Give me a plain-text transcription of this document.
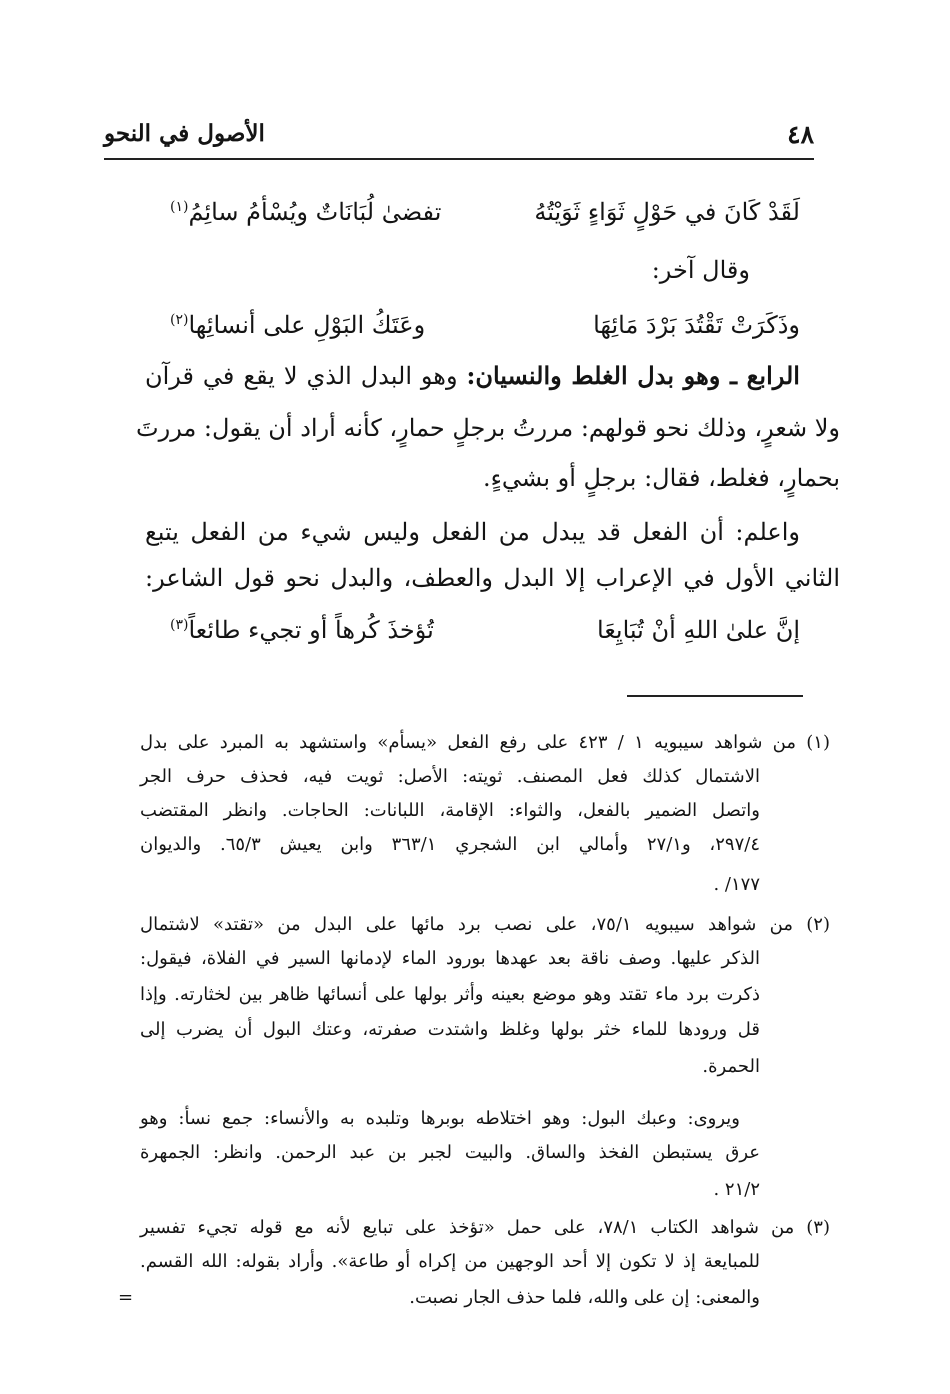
٤٨
الأصول في النحو
لَقَدْ كَانَ في حَوْلٍ ثَوَاءٍ ثَوَيْتُهُ
تفضىٰ لُبَانَاتٌ ويُسْأمُ سائِمُ$^{(١)}$
وقال آخر:
وذَكَرَتْ تَقْتُدَ بَرْدَ مَائِهَا
وعَتَكُ البَوْلِ على أنسائِها$^{(٢)}$
الرابع ـ وهو بدل الغلط والنسيان: وهو البدل الذي لا يقع في قرآن
ولا شعرٍ، وذلك نحو قولهم: مررتُ برجلٍ حمارٍ، كأنه أراد أن يقول: مررتَ
بحمارٍ، فغلط، فقال: برجلٍ أو بشيءٍ.
واعلم: أن الفعل قد يبدل من الفعل وليس شيء من الفعل يتبع
الثاني الأول في الإعراب إلا البدل والعطف، والبدل نحو قول الشاعر:
إنَّ علىٰ اللهِ أنْ تُبَايِعَا
تُؤخذَ كُرهاً أو تجيء طائعاً$^{(٣)}$
(١) من شواهد سيبويه ١ / ٤٢٣ على رفع الفعل «يسأم» واستشهد به المبرد على بدل
الاشتمال كذلك فعل المصنف. ثويته: الأصل: ثويت فيه، فحذف حرف الجر
واتصل الضمير بالفعل، والثواء: الإقامة، اللبانات: الحاجات. وانظر المقتضب
٢٩٧/٤، و٢٧/١ وأمالي ابن الشجري ٣٦٣/١ وابن يعيش ٦٥/٣. والديوان
١٧٧/ .
(٢) من شواهد سيبويه ٧٥/١، على نصب برد مائها على البدل من «تقتد» لاشتمال
الذكر عليها. وصف ناقة بعد عهدها بورود الماء لإدمانها السير في الفلاة، فيقول:
ذكرت برد ماء تقتد وهو موضع بعينه وأثر بولها على أنسائها ظاهر بين لخثارته. وإذا
قل ورودها للماء خثر بولها وغلظ واشتدت صفرته، وعتك البول أن يضرب إلى
الحمرة.
ويروى: وعبك البول: وهو اختلاطه بوبرها وتلبده به والأنساء: جمع نسأ: وهو
عرق يستبطن الفخذ والساق. والبيت لجبر بن عبد الرحمن. وانظر: الجمهرة
٢١/٢ .
(٣) من شواهد الكتاب ٧٨/١، على حمل «تؤخذ على تبايع لأنه مع قوله تجيء تفسير
للمبايعة إذ لا تكون إلا أحد الوجهين من إكراه أو طاعة». وأراد بقوله: الله القسم.
والمعنى: إن على والله، فلما حذف الجار نصبت.
=
